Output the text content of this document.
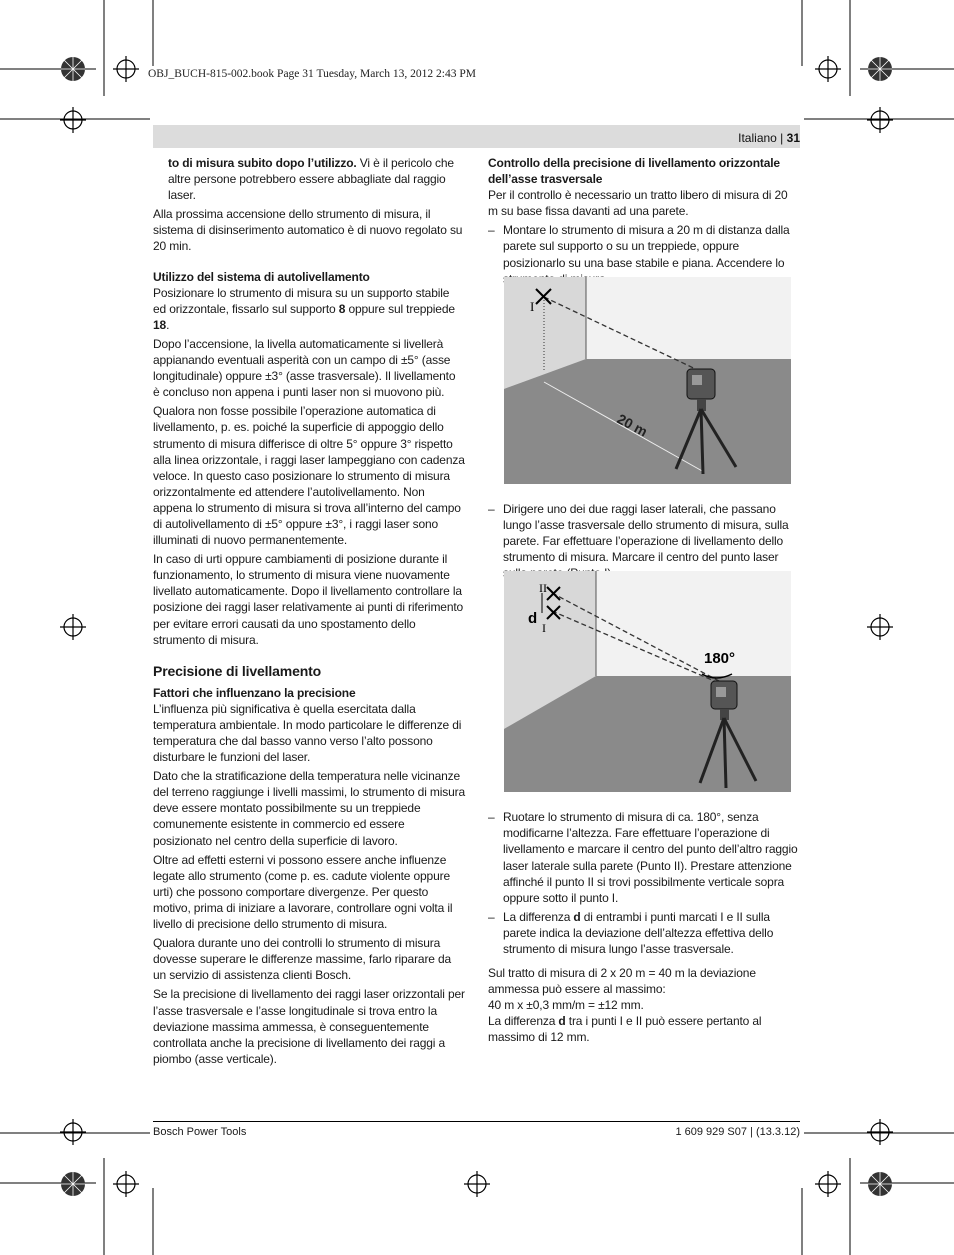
OBJ_BUCH-815-002.book Page 31 Tuesday, March 13, 2012 2:43 PM
Italiano | 31

to di misura subito dopo l’utilizzo. Vi è il pericolo che altre persone potrebbero essere abbagliate dal raggio laser.

Alla prossima accensione dello strumento di misura, il sistema di disinserimento automatico è di nuovo regolato su 20 min.

Utilizzo del sistema di autolivellamento

Posizionare lo strumento di misura su un supporto stabile ed orizzontale, fissarlo sul supporto 8 oppure sul treppiede 18.

Dopo l’accensione, la livella automaticamente si livellerà appianando eventuali asperità con un campo di ±5° (asse longitudinale) oppure ±3° (asse trasversale). Il livellamento è concluso non appena i punti laser non si muovono più.

Qualora non fosse possibile l’operazione automatica di livellamento, p. es. poiché la superficie di appoggio dello strumento di misura differisce di oltre 5° oppure 3° rispetto alla linea orizzontale, i raggi laser lampeggiano con cadenza veloce. In questo caso posizionare lo strumento di misura orizzontalmente ed attendere l’autolivellamento. Non appena lo strumento di misura si trova all’interno del campo di autolivellamento di ±5° oppure ±3°, i raggi laser sono illuminati di nuovo permanentemente.

In caso di urti oppure cambiamenti di posizione durante il funzionamento, lo strumento di misura viene nuovamente livellato automaticamente. Dopo il livellamento controllare la posizione dei raggi laser relativamente ai punti di riferimento per evitare errori causati da uno spostamento dello strumento di misura.

Precisione di livellamento
Fattori che influenzano la precisione

L’influenza più significativa è quella esercitata dalla temperatura ambientale. In modo particolare le differenze di temperatura che dal basso vanno verso l’alto possono disturbare le funzioni del laser.

Dato che la stratificazione della temperatura nelle vicinanze del terreno raggiunge i livelli massimi, lo strumento di misura deve essere montato possibilmente su un treppiede comunemente esistente in commercio ed essere posizionato nel centro della superficie di lavoro.

Oltre ad effetti esterni vi possono essere anche influenze legate allo strumento (come p. es. cadute violente oppure urti) che possono comportare divergenze. Per questo motivo, prima di iniziare a lavorare, controllare ogni volta il livello di precisione dello strumento di misura.

Qualora durante uno dei controlli lo strumento di misura dovesse superare le differenze massime, farlo riparare da un servizio di assistenza clienti Bosch.

Se la precisione di livellamento dei raggi laser orizzontali per l’asse trasversale e l’asse longitudinale si trova entro la deviazione massima ammessa, è conseguentemente controllata anche la precisione di livellamento dei raggi a piombo (asse verticale).

Controllo della precisione di livellamento orizzontale dell’asse trasversale

Per il controllo è necessario un tratto libero di misura di 20 m su base fissa davanti ad una parete.

– Montare lo strumento di misura a 20 m di distanza dalla parete sul supporto o su un treppiede, oppure posizionarlo su una base stabile e piana. Accendere lo
– Dirigere uno dei due raggi laser laterali, che passano lungo l’asse trasversale dello strumento di misura, sulla parete. Far effettuare l’operazione di livellamento dello strumento di misura. Marcare il centro del punto laser
– Ruotare lo strumento di misura di ca. 180°, senza modificarne l’altezza. Fare effettuare l’operazione di livellamento e marcare il centro del punto dell’altro raggio laser laterale sulla parete (Punto II). Prestare attenzione affinché il punto II si trovi possibilmente verticale sopra oppure sotto il punto I.
– La differenza d di entrambi i punti marcati I e II sulla parete indica la deviazione dell’altezza effettiva dello strumento di misura lungo l’asse trasversale.

Sul tratto di misura di 2 x 20 m = 40 m la deviazione ammessa può essere al massimo:

40 m x ±0,3 mm/m = ±12 mm.

La differenza d tra i punti I e II può essere pertanto al massimo di 12 mm.

I
20 m
II
I
d
180°
Bosch Power Tools	1 609 929 S07 | (13.3.12)
